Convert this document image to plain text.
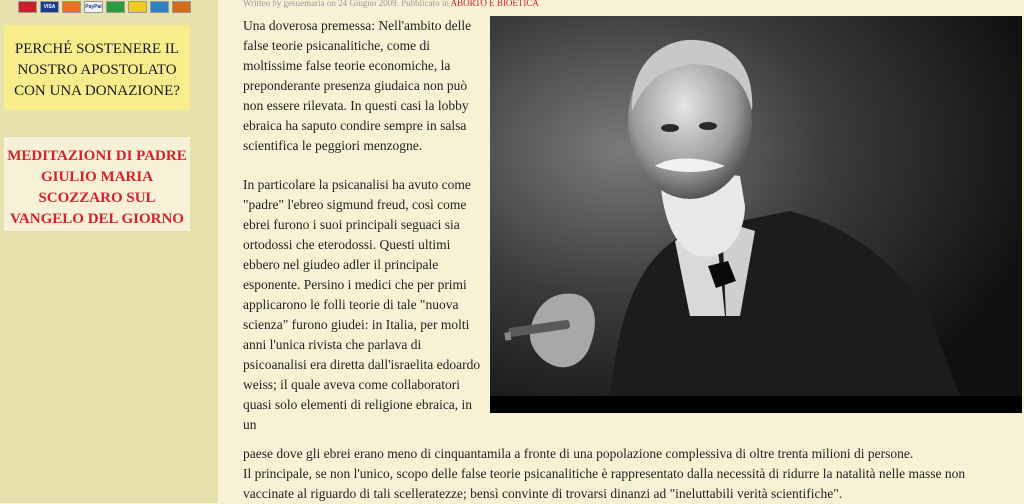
VISA	PayPal
PERCHÉ SOSTENERE IL NOSTRO APOSTOLATO CON UNA DONAZIONE?
MEDITAZIONI DI PADRE GIULIO MARIA SCOZZARO SUL VANGELO DEL GIORNO
Written by gesuemaria on 24 Giugno 2009. Pubblicato in ABORTO E BIOETICA

Una doverosa premessa: Nell'ambito delle false teorie psicanalitiche, come di moltissime false teorie economiche, la preponderante presenza giudaica non può non essere rilevata. In questi casi la lobby ebraica ha saputo condire sempre in salsa scientifica le peggiori menzogne.

In particolare la psicanalisi ha avuto come "padre" l'ebreo sigmund freud, così come ebrei furono i suoi principali seguaci sia ortodossi che eterodossi. Questi ultimi ebbero nel giudeo adler il principale esponente. Persino i medici che per primi applicarono le folli teorie di tale "nuova scienza" furono giudei: in Italia, per molti anni l'unica rivista che parlava di psicoanalisi era diretta dall'israelita edoardo weiss; il quale aveva come collaboratori quasi solo elementi di religione ebraica, in un

paese dove gli ebrei erano meno di cinquantamila a fronte di una popolazione complessiva di oltre trenta milioni di persone.
Il principale, se non l'unico, scopo delle false teorie psicanalitiche è rappresentato dalla necessità di ridurre la natalità nelle masse non vaccinate al riguardo di tali scelleratezze; bensì convinte di trovarsi dinanzi ad "ineluttabili verità scientifiche".
